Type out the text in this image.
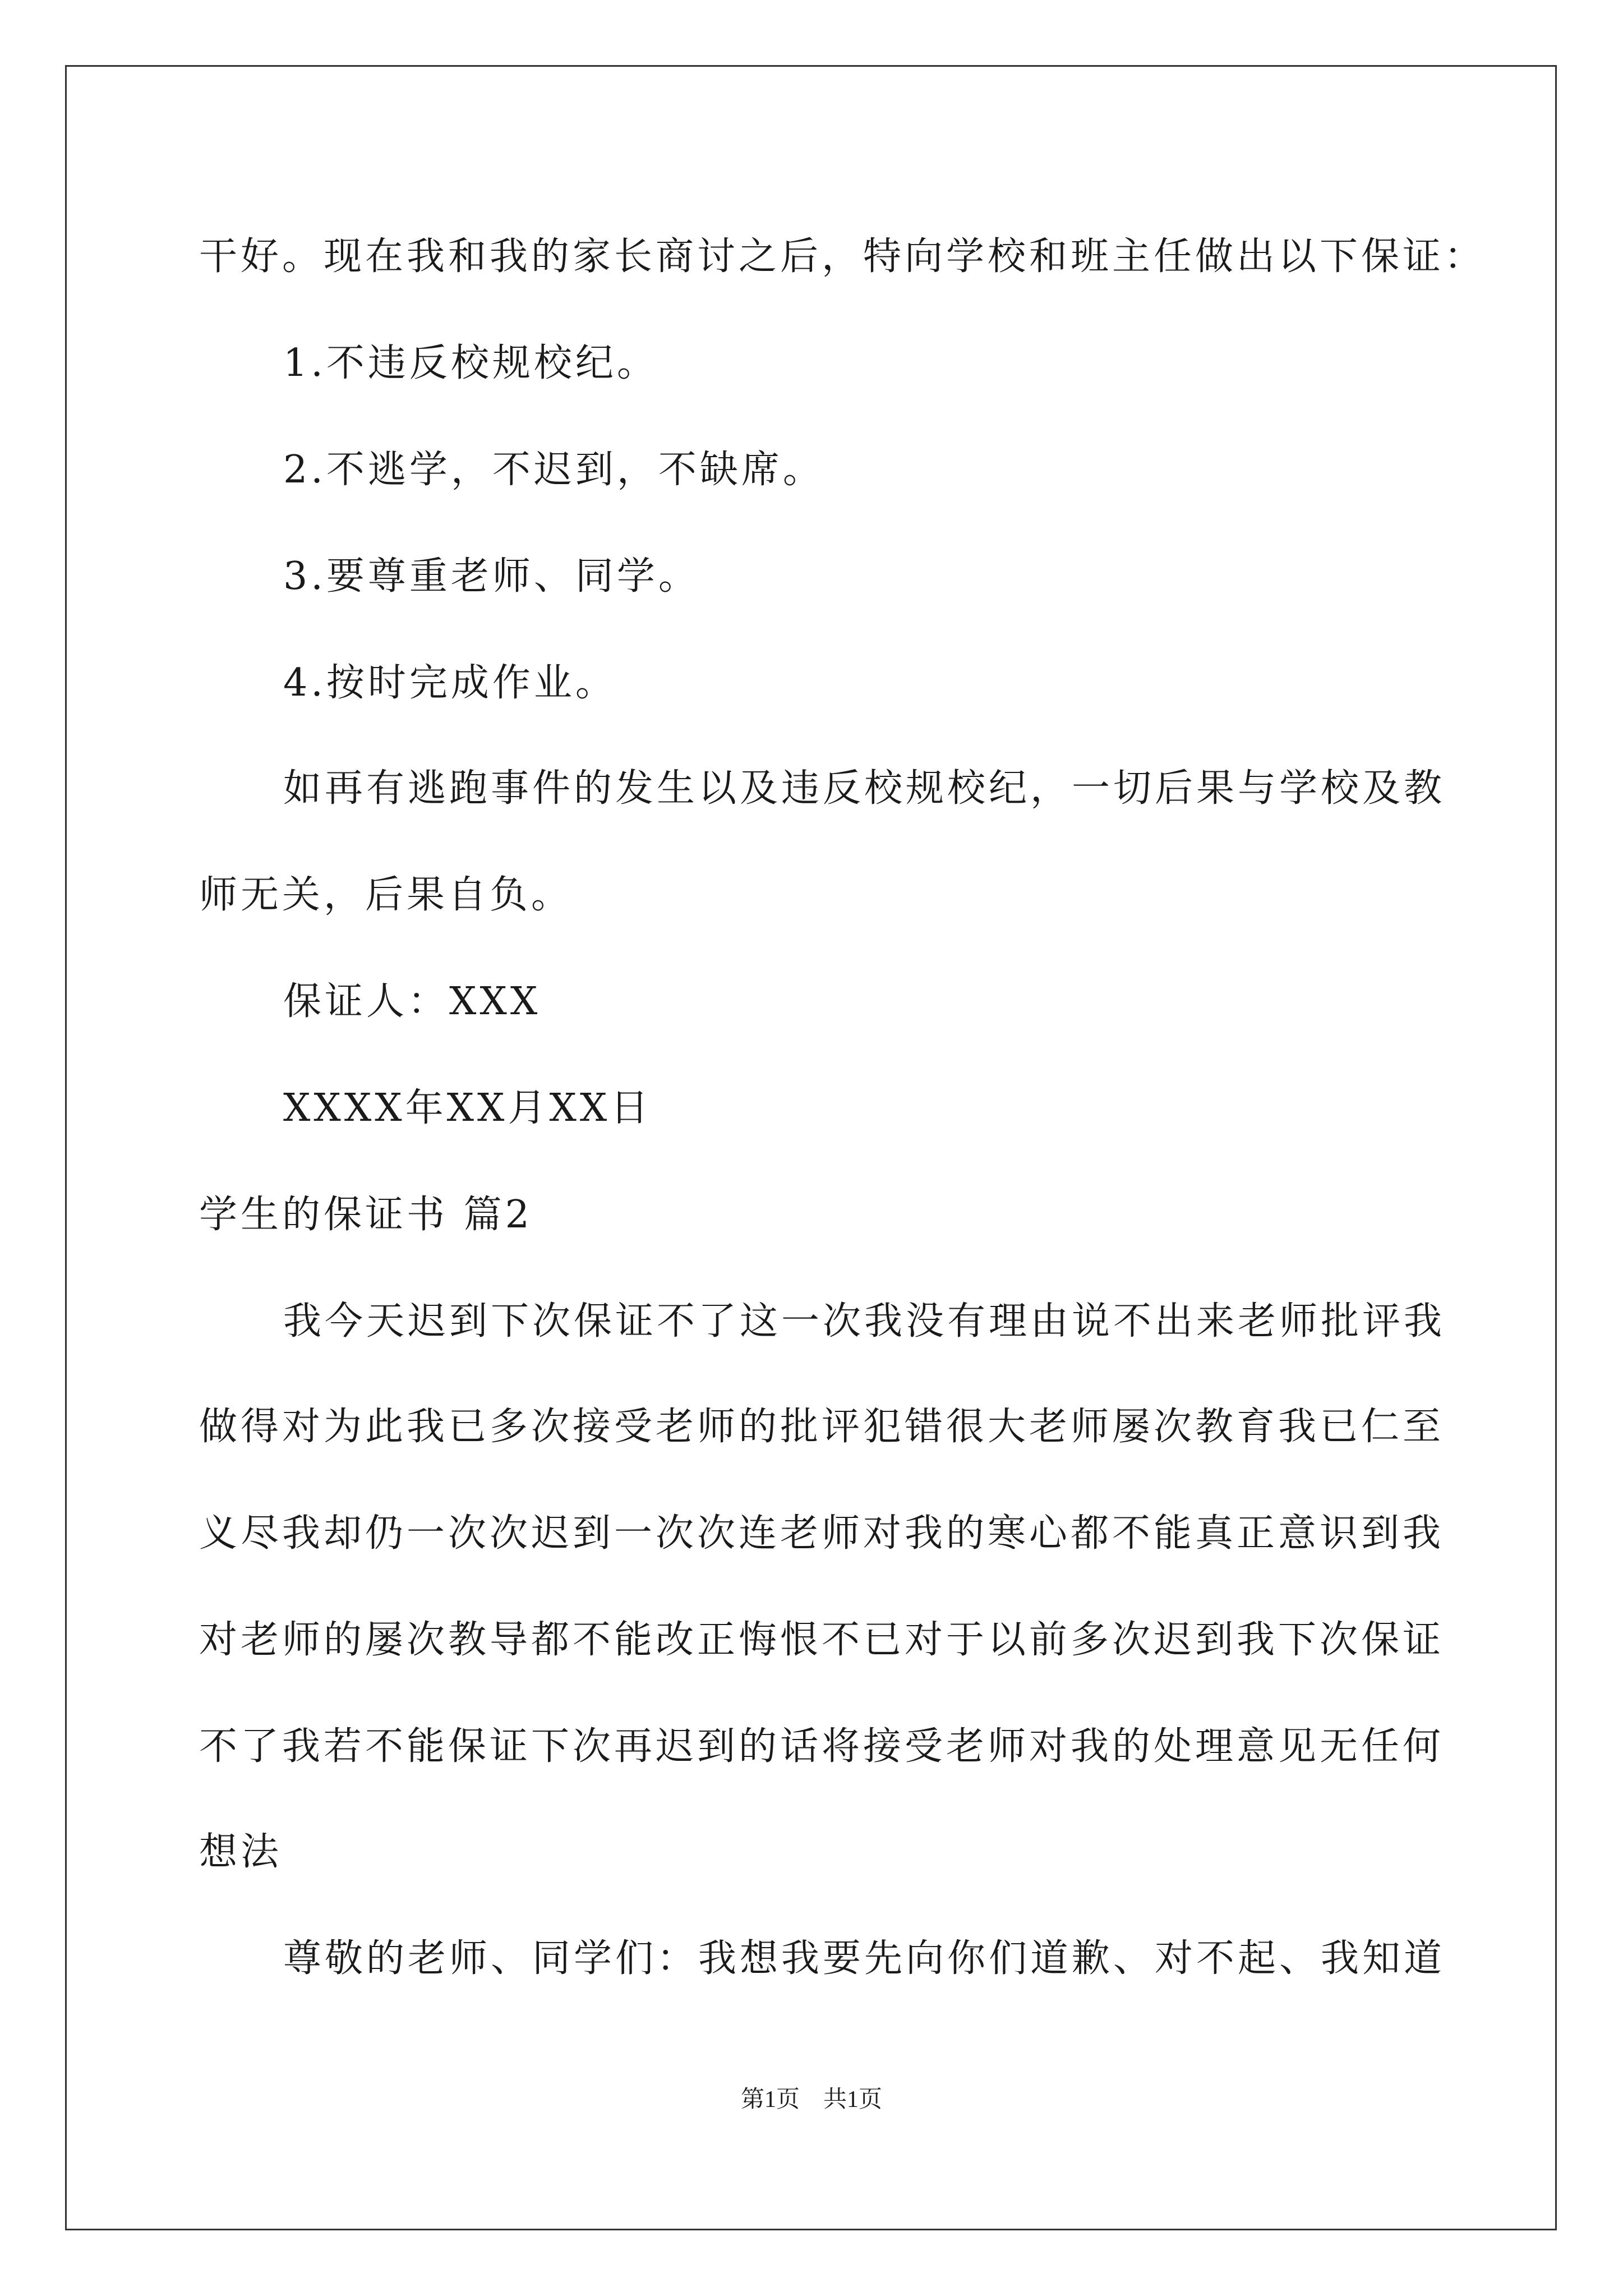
干好。现在我和我的家长商讨之后，特向学校和班主任做出以下保证：
1.不违反校规校纪。
2.不逃学，不迟到，不缺席。
3.要尊重老师、同学。
4.按时完成作业。
如再有逃跑事件的发生以及违反校规校纪，一切后果与学校及教
师无关，后果自负。
保证人：XXX
XXXX年XX月XX日
学生的保证书 篇2
我今天迟到下次保证不了这一次我没有理由说不出来老师批评我
做得对为此我已多次接受老师的批评犯错很大老师屡次教育我已仁至
义尽我却仍一次次迟到一次次连老师对我的寒心都不能真正意识到我
对老师的屡次教导都不能改正悔恨不已对于以前多次迟到我下次保证
不了我若不能保证下次再迟到的话将接受老师对我的处理意见无任何
想法
尊敬的老师、同学们：我想我要先向你们道歉、对不起、我知道
第1页　共1页
